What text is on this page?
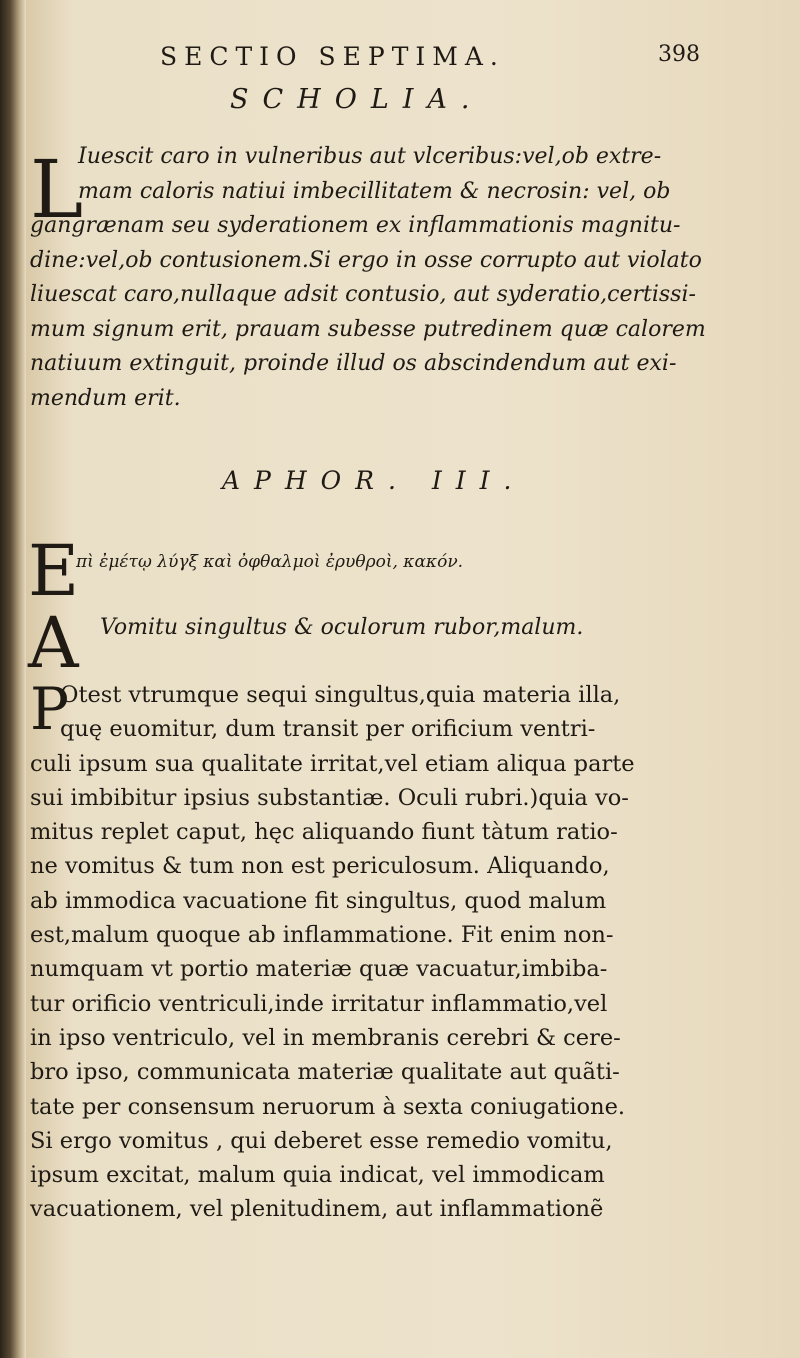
SECTIO SEPTIMA.	398
SCHOLIA.
L
Iuescit caro in vulneribus aut vlceribus:vel,ob extre-
mam caloris natiui imbecillitatem & necrosin: vel, ob
gangrænam seu syderationem ex inflammationis magnitu-
dine:vel,ob contusionem.Si ergo in osse corrupto aut violato
liuescat caro,nullaque adsit contusio, aut syderatio,certissi-
mum signum erit, prauam subesse putredinem quæ calorem
natiuum extinguit, proinde illud os abscindendum aut exi-
mendum erit.
APHOR. III.
E
πὶ ἐμέτῳ λύγξ καὶ ὀφθαλμοὶ ἐρυθροὶ, κακόν.
A Vomitu singultus & oculorum rubor,malum.
P
Otest vtrumque sequi singultus,quia materia illa,
quę euomitur, dum transit per orificium ventri-
culi ipsum sua qualitate irritat,vel etiam aliqua parte
sui imbibitur ipsius substantiæ. Oculi rubri.)quia vo-
mitus replet caput, hęc aliquando fiunt tàtum ratio-
ne vomitus & tum non est periculosum. Aliquando,
ab immodica vacuatione fit singultus, quod malum
est,malum quoque ab inflammatione. Fit enim non-
numquam vt portio materiæ quæ vacuatur,imbiba-
tur orificio ventriculi,inde irritatur inflammatio,vel
in ipso ventriculo, vel in membranis cerebri & cere-
bro ipso, communicata materiæ qualitate aut quãti-
tate per consensum neruorum à sexta coniugatione.
Si ergo vomitus , qui deberet esse remedio vomitu,
ipsum excitat, malum quia indicat, vel immodicam
vacuationem, vel plenitudinem, aut inflammationẽ
